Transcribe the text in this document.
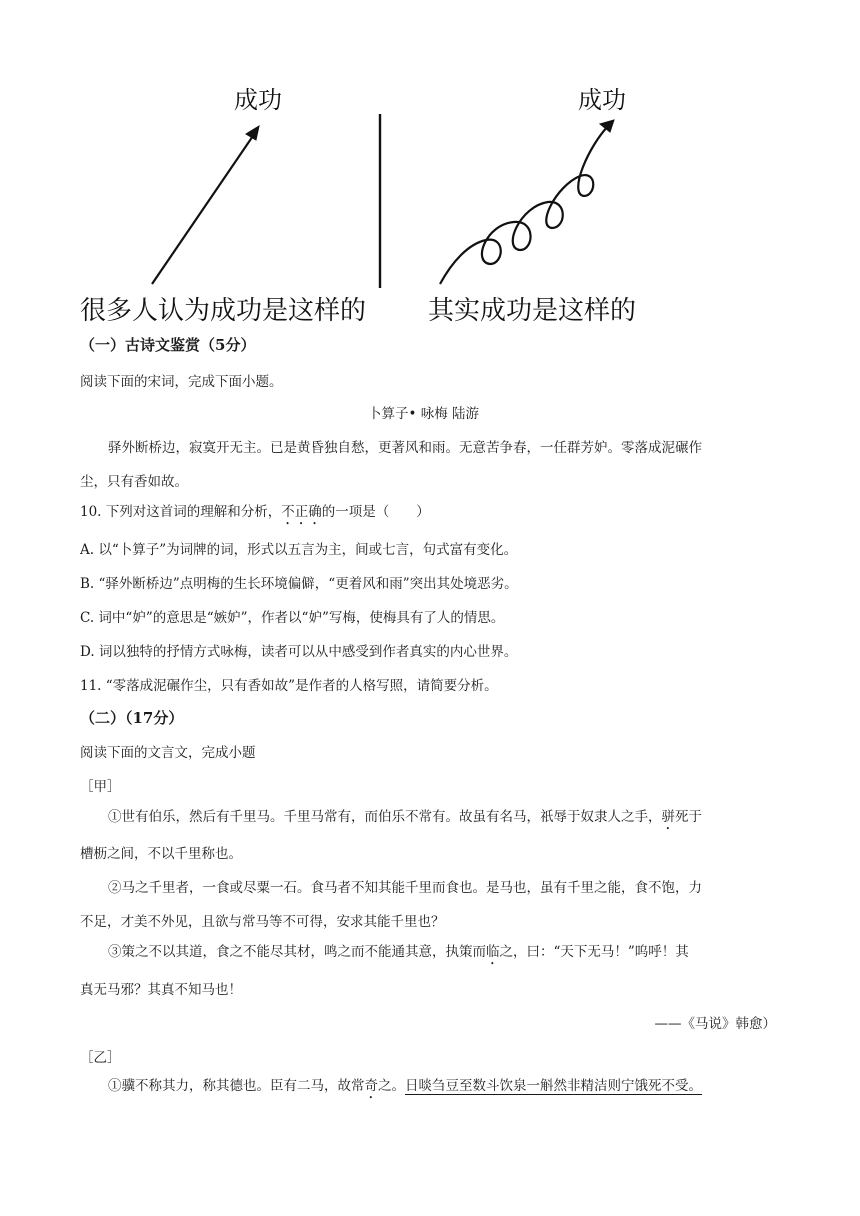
成功	成功
很多人认为成功是这样的 其实成功是这样的
（一）古诗文鉴赏（5分）
阅读下面的宋词，完成下面小题。
卜算子• 咏梅 陆游
驿外断桥边，寂寞开无主。已是黄昏独自愁，更著风和雨。无意苦争春，一任群芳妒。零落成泥碾作
尘，只有香如故。
10. 下列对这首词的理解和分析，不正确的一项是（　　）
A. 以“卜算子”为词牌的词，形式以五言为主，间或七言，句式富有变化。
B. “驿外断桥边”点明梅的生长环境偏僻，“更着风和雨”突出其处境恶劣。
C. 词中“妒”的意思是“嫉妒”，作者以“妒”写梅，使梅具有了人的情思。
D. 词以独特的抒情方式咏梅，读者可以从中感受到作者真实的内心世界。
11. “零落成泥碾作尘，只有香如故”是作者的人格写照，请简要分析。
（二）（17分）
阅读下面的文言文，完成小题
［甲］
①世有伯乐，然后有千里马。千里马常有，而伯乐不常有。故虽有名马，祇辱于奴隶人之手，骈死于
槽枥之间，不以千里称也。
②马之千里者，一食或尽粟一石。食马者不知其能千里而食也。是马也，虽有千里之能，食不饱，力
不足，才美不外见，且欲与常马等不可得，安求其能千里也？
③策之不以其道，食之不能尽其材，鸣之而不能通其意，执策而临之，曰：“天下无马！”呜呼！其
真无马邪？其真不知马也！
——《马说》韩愈）
［乙］
①骥不称其力，称其德也。臣有二马，故常奇之。日啖刍豆至数斗饮泉一斛然非精洁则宁饿死不受。
